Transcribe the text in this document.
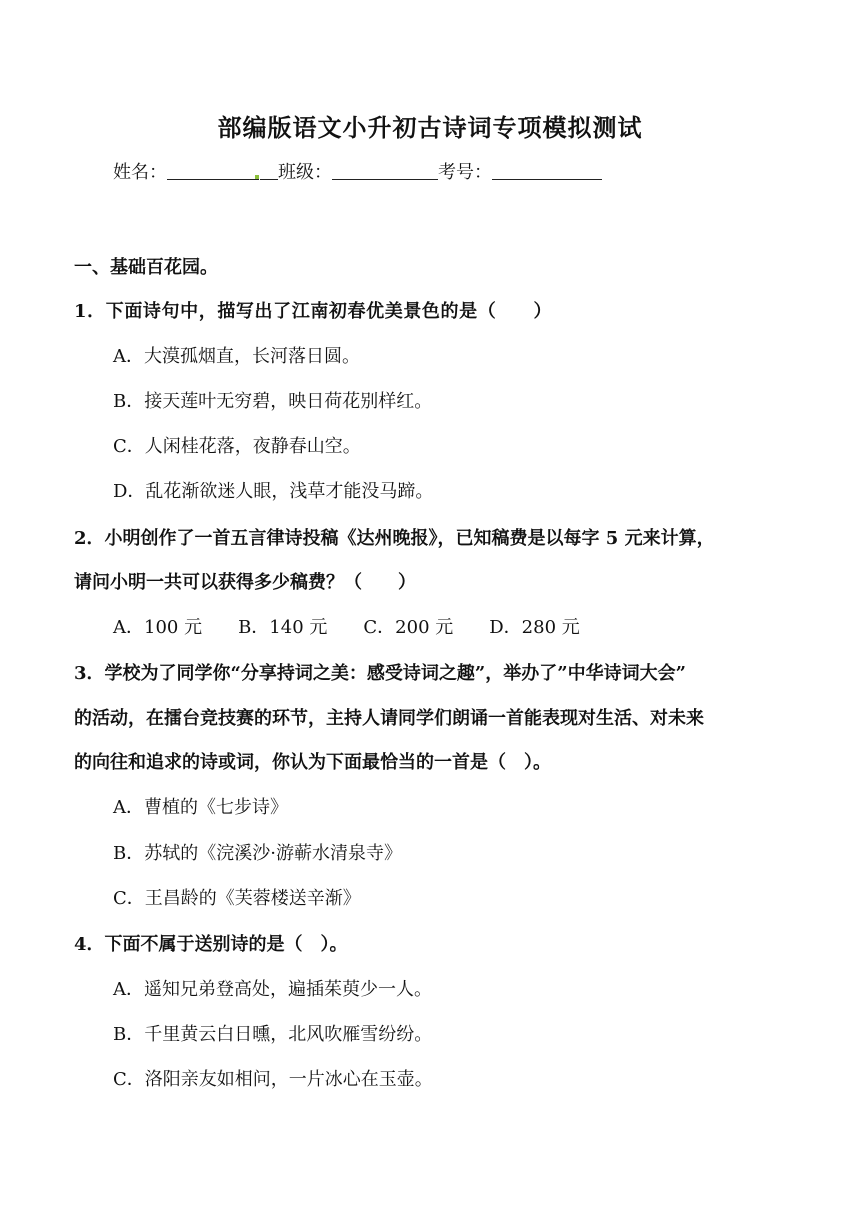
部编版语文小升初古诗词专项模拟测试
姓名：	班级：	考号：
一、基础百花园。
1．下面诗句中，描写出了江南初春优美景色的是（　　）
A．大漠孤烟直，长河落日圆。
B．接天莲叶无穷碧，映日荷花别样红。
C．人闲桂花落，夜静春山空。
D．乱花渐欲迷人眼，浅草才能没马蹄。
2．小明创作了一首五言律诗投稿《达州晚报》，已知稿费是以每字 5 元来计算，
请问小明一共可以获得多少稿费？（　　）
A．100 元 B．140 元 C．200 元 D．280 元
3．学校为了同学你“分享持词之美：感受诗词之趣”，举办了”中华诗词大会”
的活动，在擂台竞技赛的环节，主持人请同学们朗诵一首能表现对生活、对未来
的向往和追求的诗或词，你认为下面最恰当的一首是（　）。
A．曹植的《七步诗》
B．苏轼的《浣溪沙·游蕲水清泉寺》
C．王昌龄的《芙蓉楼送辛渐》
4．下面不属于送别诗的是（　）。
A．遥知兄弟登高处，遍插茱萸少一人。
B．千里黄云白日曛，北风吹雁雪纷纷。
C．洛阳亲友如相问，一片冰心在玉壶。
